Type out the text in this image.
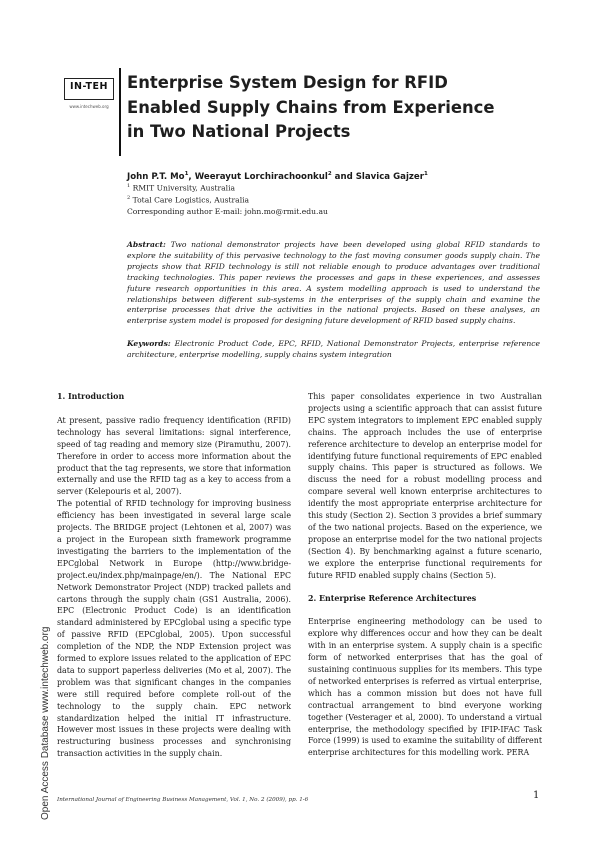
IN-TEH
www.intechweb.org
Enterprise System Design for RFID
Enabled Supply Chains from Experience
in Two National Projects
John P.T. Mo$^1$, Weerayut Lorchirachoonkul$^2$ and Slavica Gajzer$^1$
$^1$ RMIT University, Australia
$^2$ Total Care Logistics, Australia
Corresponding author E-mail: john.mo@rmit.edu.au
Abstract: Two national demonstrator projects have been developed using global RFID standards to explore the suitability of this pervasive technology to the fast moving consumer goods supply chain. The projects show that RFID technology is still not reliable enough to produce advantages over traditional tracking technologies. This paper reviews the processes and gaps in these experiences, and assesses future research opportunities in this area. A system modelling approach is used to understand the relationships between different sub-systems in the enterprises of the supply chain and examine the enterprise processes that drive the activities in the national projects. Based on these analyses, an enterprise system model is proposed for designing future development of RFID based supply chains.
Keywords: Electronic Product Code, EPC, RFID, National Demonstrator Projects, enterprise reference architecture, enterprise modelling, supply chains system integration
1. Introduction

At present, passive radio frequency identification (RFID) technology has several limitations: signal interference, speed of tag reading and memory size (Piramuthu, 2007). Therefore in order to access more information about the product that the tag represents, we store that information externally and use the RFID tag as a key to access from a server (Kelepouris et al, 2007).

The potential of RFID technology for improving business efficiency has been investigated in several large scale projects. The BRIDGE project (Lehtonen et al, 2007) was a project in the European sixth framework programme investigating the barriers to the implementation of the EPCglobal Network in Europe (http://www.bridge-project.eu/index.php/mainpage/en/). The National EPC Network Demonstrator Project (NDP) tracked pallets and cartons through the supply chain (GS1 Australia, 2006). EPC (Electronic Product Code) is an identification standard administered by EPCglobal using a specific type of passive RFID (EPCglobal, 2005). Upon successful completion of the NDP, the NDP Extension project was formed to explore issues related to the application of EPC data to support paperless deliveries (Mo et al, 2007). The problem was that significant changes in the companies were still required before complete roll-out of the technology to the supply chain. EPC network standardization helped the initial IT infrastructure. However most issues in these projects were dealing with restructuring business processes and synchronising transaction activities in the supply chain.

This paper consolidates experience in two Australian projects using a scientific approach that can assist future EPC system integrators to implement EPC enabled supply chains. The approach includes the use of enterprise reference architecture to develop an enterprise model for identifying future functional requirements of EPC enabled supply chains. This paper is structured as follows. We discuss the need for a robust modelling process and compare several well known enterprise architectures to identify the most appropriate enterprise architecture for this study (Section 2). Section 3 provides a brief summary of the two national projects. Based on the experience, we propose an enterprise model for the two national projects (Section 4). By benchmarking against a future scenario, we explore the enterprise functional requirements for future RFID enabled supply chains (Section 5).

2. Enterprise Reference Architectures

Enterprise engineering methodology can be used to explore why differences occur and how they can be dealt with in an enterprise system. A supply chain is a specific form of networked enterprises that has the goal of sustaining continuous supplies for its members. This type of networked enterprises is referred as virtual enterprise, which has a common mission but does not have full contractual arrangement to bind everyone working together (Vesterager et al, 2000). To understand a virtual enterprise, the methodology specified by IFIP-IFAC Task Force (1999) is used to examine the suitability of different enterprise architectures for this modelling work. PERA

Open Access Database www.intechweb.org International Journal of Engineering Business Management, Vol. 1, No. 2 (2009), pp. 1-6	1
